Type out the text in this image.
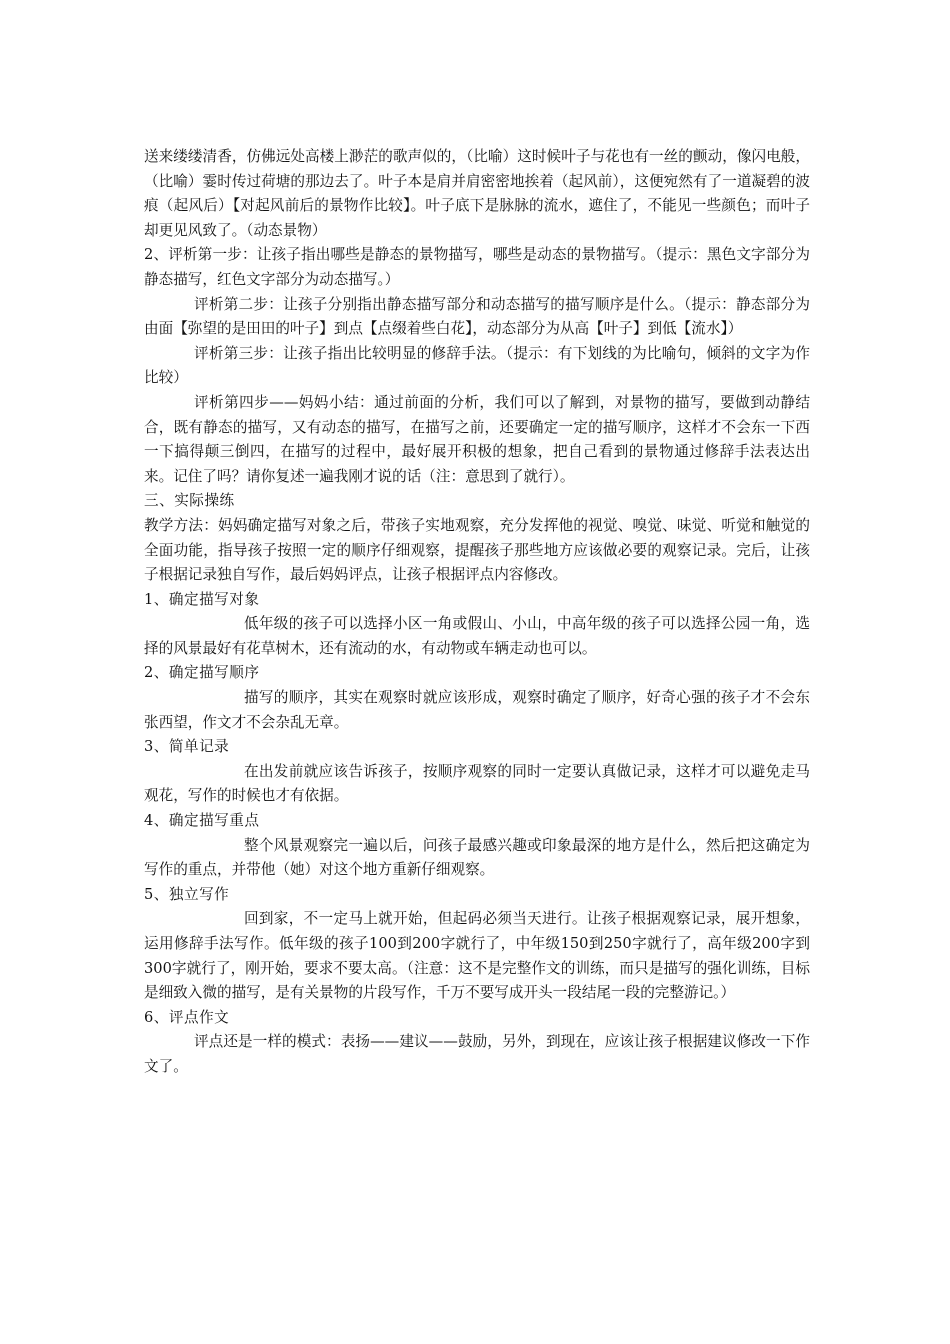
送来缕缕清香，仿佛远处高楼上渺茫的歌声似的，（比喻）这时候叶子与花也有一丝的颤动，像闪电般，（比喻）霎时传过荷塘的那边去了。叶子本是肩并肩密密地挨着（起风前），这便宛然有了一道凝碧的波痕（起风后）【对起风前后的景物作比较】。叶子底下是脉脉的流水，遮住了，不能见一些颜色；而叶子却更见风致了。（动态景物）

2、评析第一步：让孩子指出哪些是静态的景物描写，哪些是动态的景物描写。（提示：黑色文字部分为静态描写，红色文字部分为动态描写。）

评析第二步：让孩子分别指出静态描写部分和动态描写的描写顺序是什么。（提示：静态部分为由面【弥望的是田田的叶子】到点【点缀着些白花】，动态部分为从高【叶子】到低【流水】）

评析第三步：让孩子指出比较明显的修辞手法。（提示：有下划线的为比喻句，倾斜的文字为作比较）

评析第四步——妈妈小结：通过前面的分析，我们可以了解到，对景物的描写，要做到动静结合，既有静态的描写，又有动态的描写，在描写之前，还要确定一定的描写顺序，这样才不会东一下西一下搞得颠三倒四，在描写的过程中，最好展开积极的想象，把自己看到的景物通过修辞手法表达出来。记住了吗？请你复述一遍我刚才说的话（注：意思到了就行）。

三、实际操练

教学方法：妈妈确定描写对象之后，带孩子实地观察，充分发挥他的视觉、嗅觉、味觉、听觉和触觉的全面功能，指导孩子按照一定的顺序仔细观察，提醒孩子那些地方应该做必要的观察记录。完后，让孩子根据记录独自写作，最后妈妈评点，让孩子根据评点内容修改。

1、确定描写对象

低年级的孩子可以选择小区一角或假山、小山，中高年级的孩子可以选择公园一角，选择的风景最好有花草树木，还有流动的水，有动物或车辆走动也可以。

2、确定描写顺序

描写的顺序，其实在观察时就应该形成，观察时确定了顺序，好奇心强的孩子才不会东张西望，作文才不会杂乱无章。

3、简单记录

在出发前就应该告诉孩子，按顺序观察的同时一定要认真做记录，这样才可以避免走马观花，写作的时候也才有依据。

4、确定描写重点

整个风景观察完一遍以后，问孩子最感兴趣或印象最深的地方是什么，然后把这确定为写作的重点，并带他（她）对这个地方重新仔细观察。

5、独立写作

回到家，不一定马上就开始，但起码必须当天进行。让孩子根据观察记录，展开想象，运用修辞手法写作。低年级的孩子100到200字就行了，中年级150到250字就行了，高年级200字到300字就行了，刚开始，要求不要太高。（注意：这不是完整作文的训练，而只是描写的强化训练，目标是细致入微的描写，是有关景物的片段写作，千万不要写成开头一段结尾一段的完整游记。）

6、评点作文

评点还是一样的模式：表扬——建议——鼓励，另外，到现在，应该让孩子根据建议修改一下作文了。
